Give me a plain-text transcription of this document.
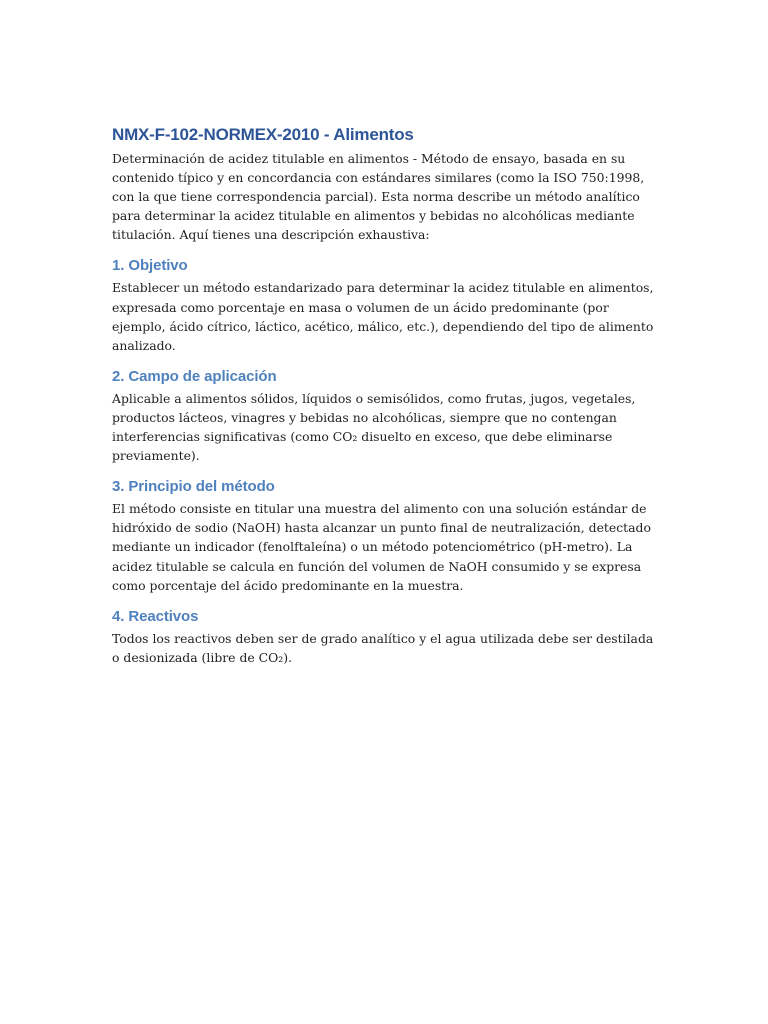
NMX-F-102-NORMEX-2010 - Alimentos

Determinación de acidez titulable en alimentos - Método de ensayo, basada en su contenido típico y en concordancia con estándares similares (como la ISO 750:1998, con la que tiene correspondencia parcial). Esta norma describe un método analítico para determinar la acidez titulable en alimentos y bebidas no alcohólicas mediante titulación. Aquí tienes una descripción exhaustiva:

1. Objetivo

Establecer un método estandarizado para determinar la acidez titulable en alimentos, expresada como porcentaje en masa o volumen de un ácido predominante (por ejemplo, ácido cítrico, láctico, acético, málico, etc.), dependiendo del tipo de alimento analizado.

2. Campo de aplicación

Aplicable a alimentos sólidos, líquidos o semisólidos, como frutas, jugos, vegetales, productos lácteos, vinagres y bebidas no alcohólicas, siempre que no contengan interferencias significativas (como CO₂ disuelto en exceso, que debe eliminarse previamente).

3. Principio del método

El método consiste en titular una muestra del alimento con una solución estándar de hidróxido de sodio (NaOH) hasta alcanzar un punto final de neutralización, detectado mediante un indicador (fenolftaleína) o un método potenciométrico (pH-metro). La acidez titulable se calcula en función del volumen de NaOH consumido y se expresa como porcentaje del ácido predominante en la muestra.

4. Reactivos

Todos los reactivos deben ser de grado analítico y el agua utilizada debe ser destilada o desionizada (libre de CO₂).
